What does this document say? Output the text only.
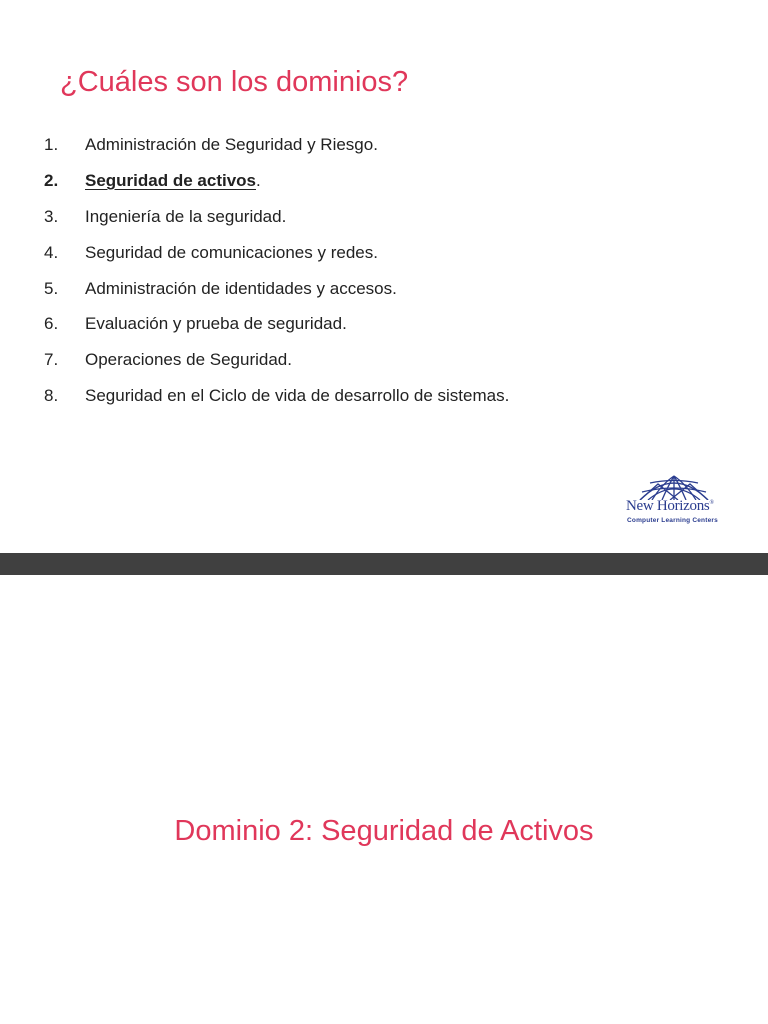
¿Cuáles son los dominios?
1.	Administración de Seguridad y Riesgo.
2.	Seguridad de activos .
3.	Ingeniería de la seguridad.
4.	Seguridad de comunicaciones y redes.
5.	Administración de identidades y accesos.
6.	Evaluación y prueba de seguridad.
7.	Operaciones de Seguridad.
8.	Seguridad en el Ciclo de vida de desarrollo de sistemas.
New Horizons®
Computer Learning Centers
Dominio 2: Seguridad de Activos
